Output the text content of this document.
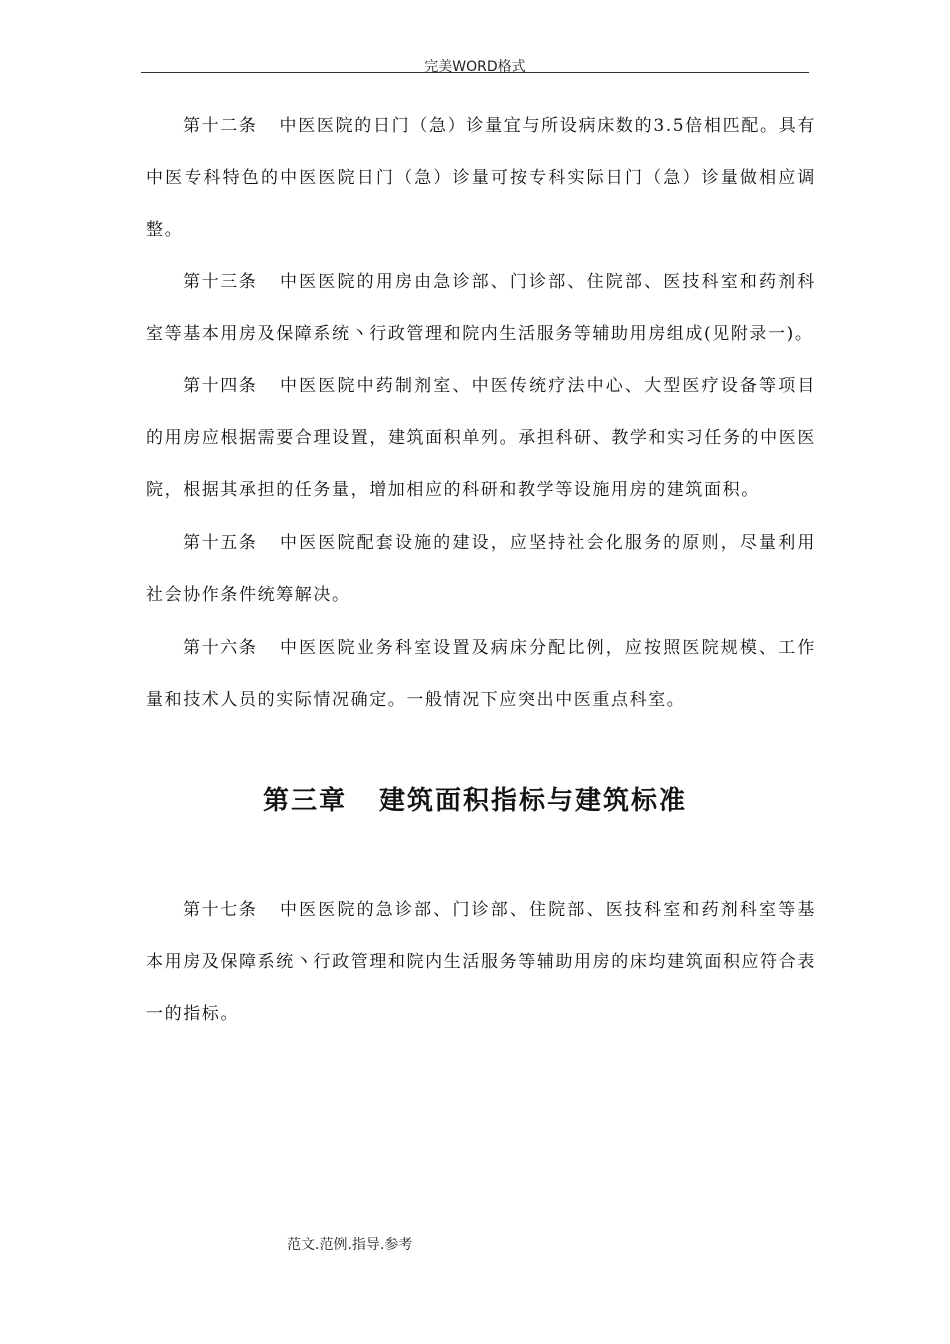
完美WORD格式
第十二条 中医医院的日门（急）诊量宜与所设病床数的3.5倍相匹配。具有中医专科特色的中医医院日门（急）诊量可按专科实际日门（急）诊量做相应调整。
第十三条 中医医院的用房由急诊部、门诊部、住院部、医技科室和药剂科室等基本用房及保障系统丶行政管理和院内生活服务等辅助用房组成(见附录一)。
第十四条 中医医院中药制剂室、中医传统疗法中心、大型医疗设备等项目的用房应根据需要合理设置，建筑面积单列。承担科研、教学和实习任务的中医医院，根据其承担的任务量，增加相应的科研和教学等设施用房的建筑面积。
第十五条 中医医院配套设施的建设，应坚持社会化服务的原则，尽量利用社会协作条件统筹解决。
第十六条 中医医院业务科室设置及病床分配比例，应按照医院规模、工作量和技术人员的实际情况确定。一般情况下应突出中医重点科室。
第三章 建筑面积指标与建筑标准
第十七条 中医医院的急诊部、门诊部、住院部、医技科室和药剂科室等基本用房及保障系统丶行政管理和院内生活服务等辅助用房的床均建筑面积应符合表一的指标。
范文.范例.指导.参考
